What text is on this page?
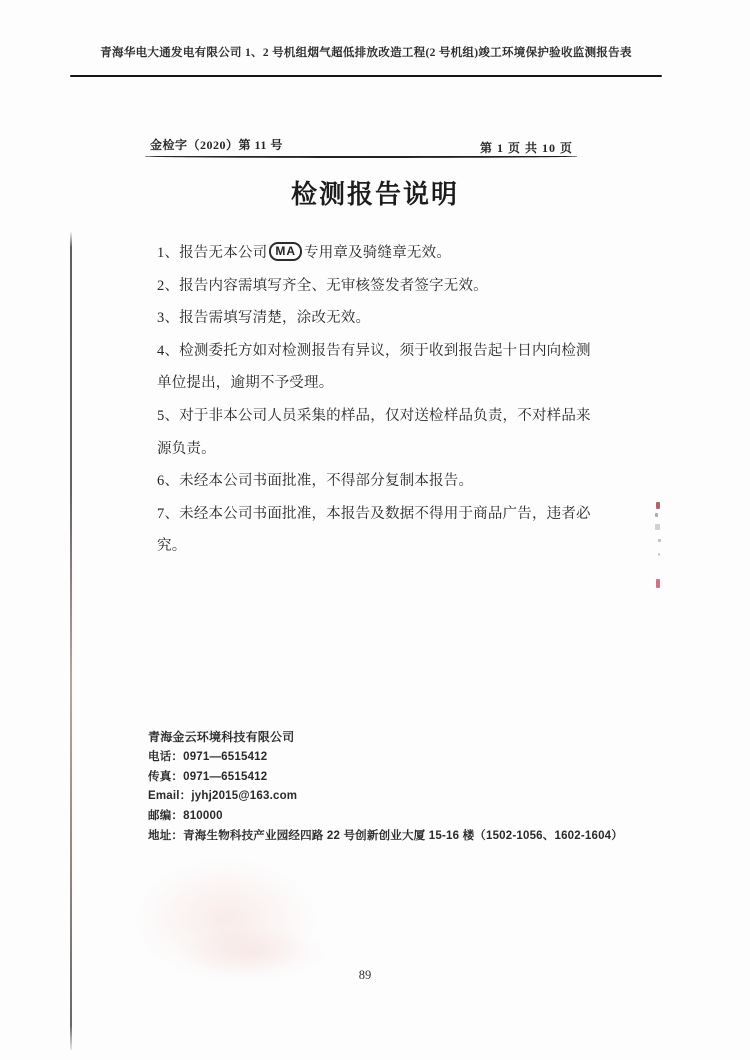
青海华电大通发电有限公司 1、2 号机组烟气超低排放改造工程(2 号机组)竣工环境保护验收监测报告表
金检字（2020）第 11 号	第 1 页 共 10 页
检测报告说明

1、报告无本公司 MA 专用章及骑缝章无效。

2、报告内容需填写齐全、无审核签发者签字无效。

3、报告需填写清楚，涂改无效。

4、检测委托方如对检测报告有异议，须于收到报告起十日内向检测

单位提出，逾期不予受理。

5、对于非本公司人员采集的样品，仅对送检样品负责，不对样品来

源负责。

6、未经本公司书面批准，不得部分复制本报告。

7、未经本公司书面批准，本报告及数据不得用于商品广告，违者必

究。

青海金云环境科技有限公司
电话：0971—6515412
传真：0971—6515412
Email：jyhj2015@163.com
邮编：810000
地址：青海生物科技产业园经四路 22 号创新创业大厦 15-16 楼（1502-1056、1602-1604）
89
